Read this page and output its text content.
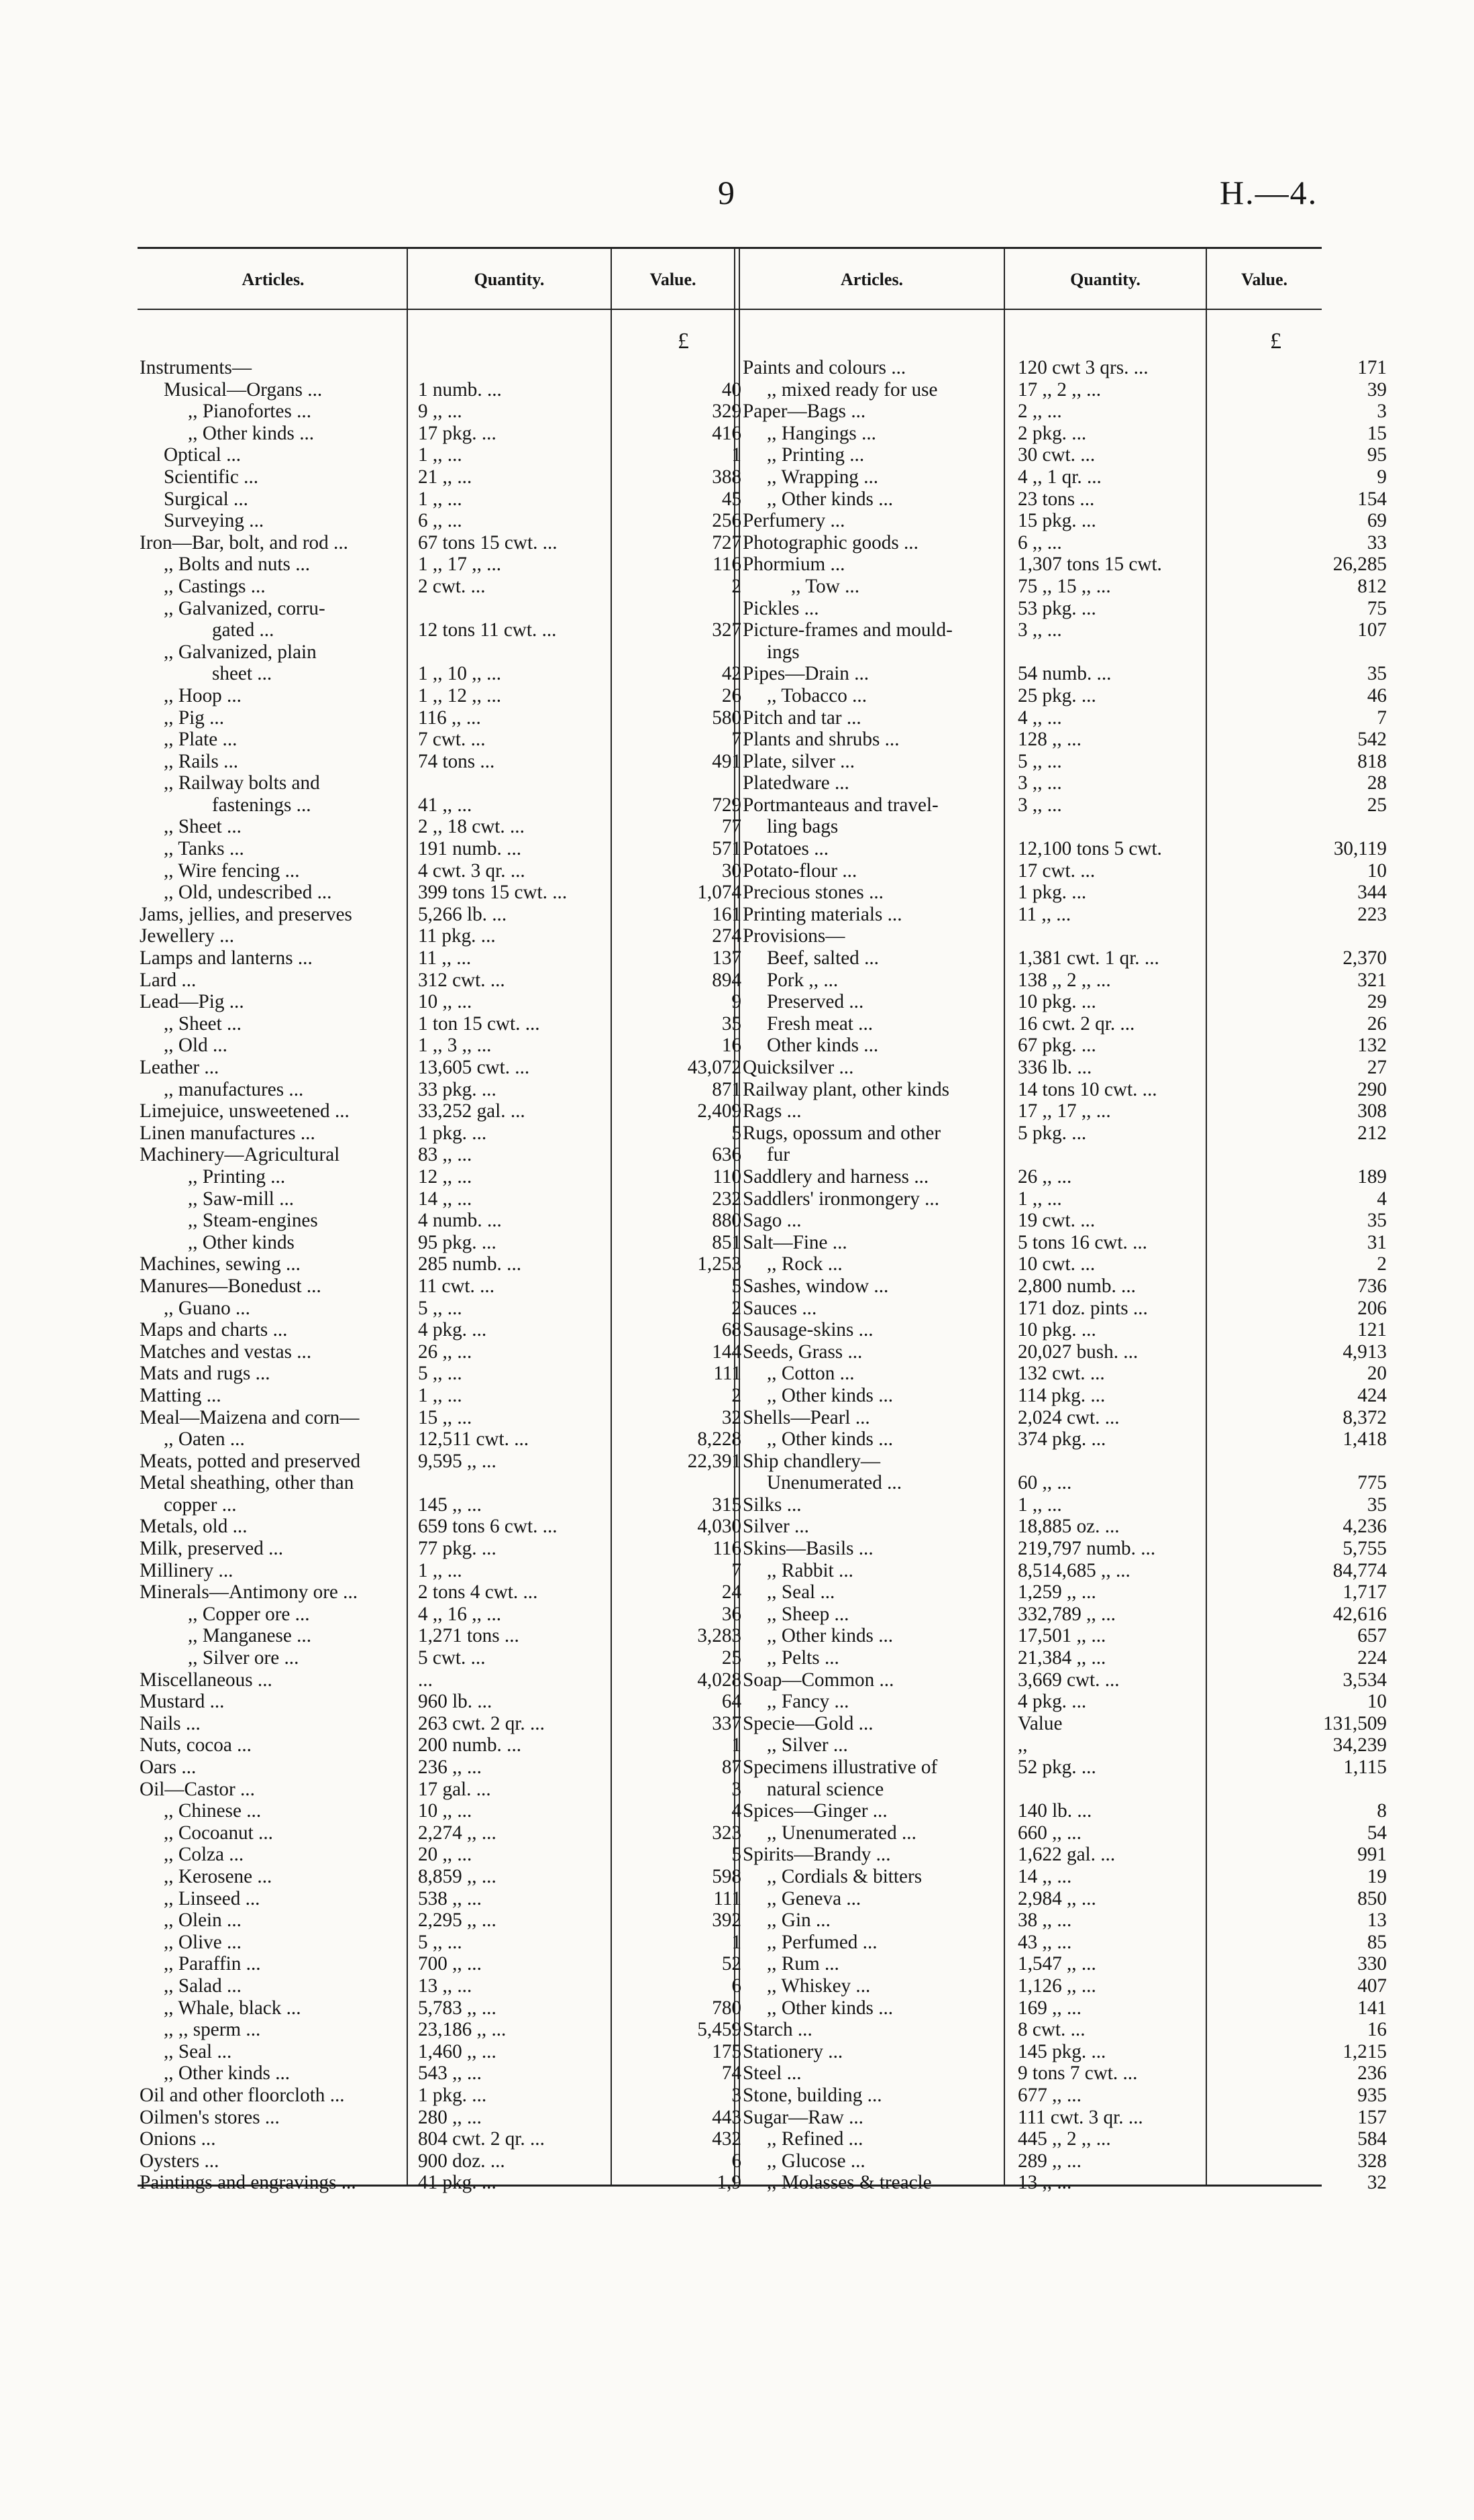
9	H.—4.
Articles.	Quantity.	Value.	Articles.	Quantity.	Value.
£	£
Instruments—
Musical—Organs ...	1 numb. ...	40
,, Pianofortes ...	9 ,, ...	329
,, Other kinds ...	17 pkg. ...	416
Optical ...	1 ,, ...	1
Scientific ...	21 ,, ...	388
Surgical ...	1 ,, ...	45
Surveying ...	6 ,, ...	256
Iron—Bar, bolt, and rod ...	67 tons 15 cwt. ...	727
,, Bolts and nuts ...	1 ,, 17 ,, ...	116
,, Castings ...	2 cwt. ...	2
,, Galvanized, corru-
gated ...	12 tons 11 cwt. ...	327
,, Galvanized, plain
sheet ...	1 ,, 10 ,, ...	42
,, Hoop ...	1 ,, 12 ,, ...	26
,, Pig ...	116 ,, ...	580
,, Plate ...	7 cwt. ...	7
,, Rails ...	74 tons ...	491
,, Railway bolts and
fastenings ...	41 ,, ...	729
,, Sheet ...	2 ,, 18 cwt. ...	77
,, Tanks ...	191 numb. ...	571
,, Wire fencing ...	4 cwt. 3 qr. ...	30
,, Old, undescribed ...	399 tons 15 cwt. ...	1,074
Jams, jellies, and preserves	5,266 lb. ...	161
Jewellery ...	11 pkg. ...	274
Lamps and lanterns ...	11 ,, ...	137
Lard ...	312 cwt. ...	894
Lead—Pig ...	10 ,, ...	9
,, Sheet ...	1 ton 15 cwt. ...	35
,, Old ...	1 ,, 3 ,, ...	16
Leather ...	13,605 cwt. ...	43,072
,, manufactures ...	33 pkg. ...	871
Limejuice, unsweetened ...	33,252 gal. ...	2,409
Linen manufactures ...	1 pkg. ...	5
Machinery—Agricultural	83 ,, ...	636
,, Printing ...	12 ,, ...	110
,, Saw-mill ...	14 ,, ...	232
,, Steam-engines	4 numb. ...	880
,, Other kinds	95 pkg. ...	851
Machines, sewing ...	285 numb. ...	1,253
Manures—Bonedust ...	11 cwt. ...	5
,, Guano ...	5 ,, ...	2
Maps and charts ...	4 pkg. ...	68
Matches and vestas ...	26 ,, ...	144
Mats and rugs ...	5 ,, ...	111
Matting ...	1 ,, ...	2
Meal—Maizena and corn—	15 ,, ...	32
,, Oaten ...	12,511 cwt. ...	8,228
Meats, potted and preserved	9,595 ,, ...	22,391
Metal sheathing, other than
copper ...	145 ,, ...	315
Metals, old ...	659 tons 6 cwt. ...	4,030
Milk, preserved ...	77 pkg. ...	116
Millinery ...	1 ,, ...	7
Minerals—Antimony ore ...	2 tons 4 cwt. ...	24
,, Copper ore ...	4 ,, 16 ,, ...	36
,, Manganese ...	1,271 tons ...	3,283
,, Silver ore ...	5 cwt. ...	25
Miscellaneous ...	...	4,028
Mustard ...	960 lb. ...	64
Nails ...	263 cwt. 2 qr. ...	337
Nuts, cocoa ...	200 numb. ...	1
Oars ...	236 ,, ...	87
Oil—Castor ...	17 gal. ...	3
,, Chinese ...	10 ,, ...	4
,, Cocoanut ...	2,274 ,, ...	323
,, Colza ...	20 ,, ...	5
,, Kerosene ...	8,859 ,, ...	598
,, Linseed ...	538 ,, ...	111
,, Olein ...	2,295 ,, ...	392
,, Olive ...	5 ,, ...	1
,, Paraffin ...	700 ,, ...	52
,, Salad ...	13 ,, ...	6
,, Whale, black ...	5,783 ,, ...	780
,, ,, sperm ...	23,186 ,, ...	5,459
,, Seal ...	1,460 ,, ...	175
,, Other kinds ...	543 ,, ...	74
Oil and other floorcloth ...	1 pkg. ...	3
Oilmen's stores ...	280 ,, ...	443
Onions ...	804 cwt. 2 qr. ...	432
Oysters ...	900 doz. ...	6
Paintings and engravings ...	41 pkg. ...	1,9
Paints and colours ...	120 cwt 3 qrs. ...	171
,, mixed ready for use	17 ,, 2 ,, ...	39
Paper—Bags ...	2 ,, ...	3
,, Hangings ...	2 pkg. ...	15
,, Printing ...	30 cwt. ...	95
,, Wrapping ...	4 ,, 1 qr. ...	9
,, Other kinds ...	23 tons ...	154
Perfumery ...	15 pkg. ...	69
Photographic goods ...	6 ,, ...	33
Phormium ...	1,307 tons 15 cwt.	26,285
,, Tow ...	75 ,, 15 ,, ...	812
Pickles ...	53 pkg. ...	75
Picture-frames and mould-	3 ,, ...	107
ings
Pipes—Drain ...	54 numb. ...	35
,, Tobacco ...	25 pkg. ...	46
Pitch and tar ...	4 ,, ...	7
Plants and shrubs ...	128 ,, ...	542
Plate, silver ...	5 ,, ...	818
Platedware ...	3 ,, ...	28
Portmanteaus and travel-	3 ,, ...	25
ling bags
Potatoes ...	12,100 tons 5 cwt.	30,119
Potato-flour ...	17 cwt. ...	10
Precious stones ...	1 pkg. ...	344
Printing materials ...	11 ,, ...	223
Provisions—
Beef, salted ...	1,381 cwt. 1 qr. ...	2,370
Pork ,, ...	138 ,, 2 ,, ...	321
Preserved ...	10 pkg. ...	29
Fresh meat ...	16 cwt. 2 qr. ...	26
Other kinds ...	67 pkg. ...	132
Quicksilver ...	336 lb. ...	27
Railway plant, other kinds	14 tons 10 cwt. ...	290
Rags ...	17 ,, 17 ,, ...	308
Rugs, opossum and other	5 pkg. ...	212
fur
Saddlery and harness ...	26 ,, ...	189
Saddlers' ironmongery ...	1 ,, ...	4
Sago ...	19 cwt. ...	35
Salt—Fine ...	5 tons 16 cwt. ...	31
,, Rock ...	10 cwt. ...	2
Sashes, window ...	2,800 numb. ...	736
Sauces ...	171 doz. pints ...	206
Sausage-skins ...	10 pkg. ...	121
Seeds, Grass ...	20,027 bush. ...	4,913
,, Cotton ...	132 cwt. ...	20
,, Other kinds ...	114 pkg. ...	424
Shells—Pearl ...	2,024 cwt. ...	8,372
,, Other kinds ...	374 pkg. ...	1,418
Ship chandlery—
Unenumerated ...	60 ,, ...	775
Silks ...	1 ,, ...	35
Silver ...	18,885 oz. ...	4,236
Skins—Basils ...	219,797 numb. ...	5,755
,, Rabbit ...	8,514,685 ,, ...	84,774
,, Seal ...	1,259 ,, ...	1,717
,, Sheep ...	332,789 ,, ...	42,616
,, Other kinds ...	17,501 ,, ...	657
,, Pelts ...	21,384 ,, ...	224
Soap—Common ...	3,669 cwt. ...	3,534
,, Fancy ...	4 pkg. ...	10
Specie—Gold ...	Value	131,509
,, Silver ...	,,	34,239
Specimens illustrative of	52 pkg. ...	1,115
natural science
Spices—Ginger ...	140 lb. ...	8
,, Unenumerated ...	660 ,, ...	54
Spirits—Brandy ...	1,622 gal. ...	991
,, Cordials & bitters	14 ,, ...	19
,, Geneva ...	2,984 ,, ...	850
,, Gin ...	38 ,, ...	13
,, Perfumed ...	43 ,, ...	85
,, Rum ...	1,547 ,, ...	330
,, Whiskey ...	1,126 ,, ...	407
,, Other kinds ...	169 ,, ...	141
Starch ...	8 cwt. ...	16
Stationery ...	145 pkg. ...	1,215
Steel ...	9 tons 7 cwt. ...	236
Stone, building ...	677 ,, ...	935
Sugar—Raw ...	111 cwt. 3 qr. ...	157
,, Refined ...	445 ,, 2 ,, ...	584
,, Glucose ...	289 ,, ...	328
,, Molasses & treacle	13 ,, ...	32
